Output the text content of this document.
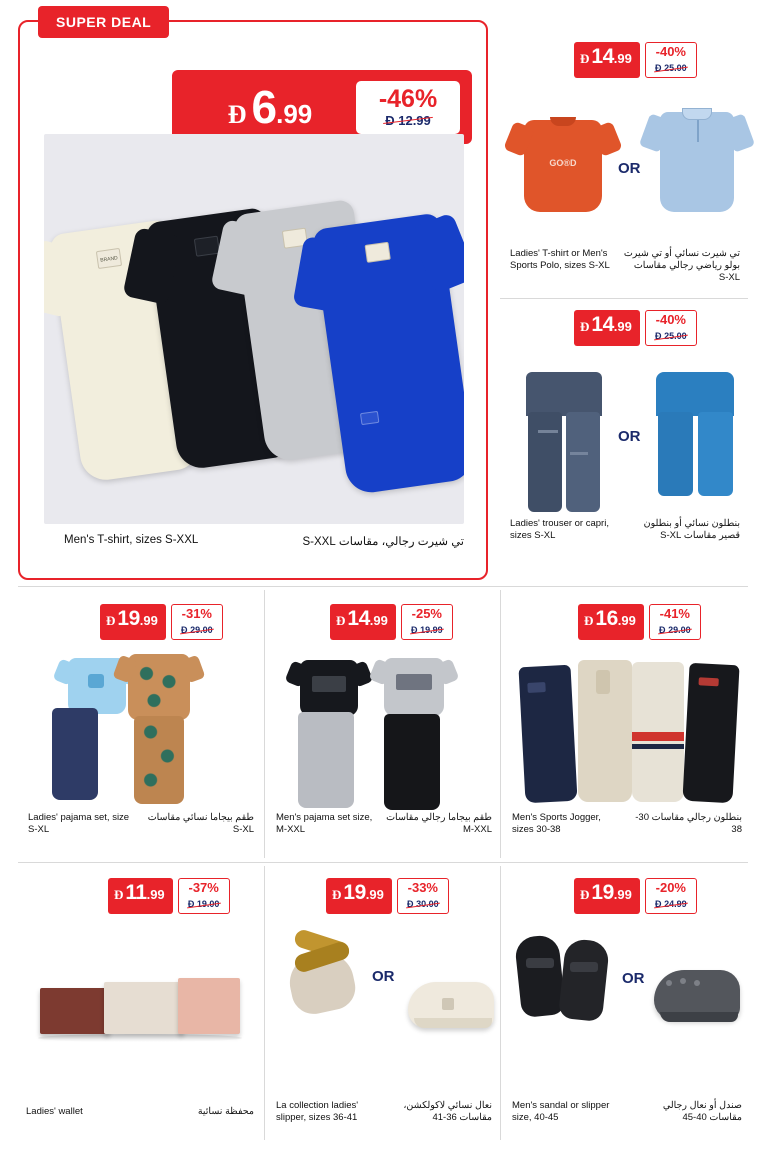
SUPER DEAL
Đ 6 .99
-46%
Đ 12.99
BRAND
Men's T-shirt, sizes S-XXL	تي شيرت رجالي، مقاسات S-XXL
Đ 14 .99	-40%
Đ 25.00
GO®D	OR
Ladies' T-shirt or Men's Sports Polo, sizes S-XL
تي شيرت نسائي أو تي شيرت بولو رياضي رجالي مقاسات S-XL
Đ 14 .99	-40%
Đ 25.00
OR
Ladies' trouser or capri, sizes S-XL
بنطلون نسائي أو بنطلون قصير مقاسات S-XL
Đ 19 .99	-31%
Đ 29.00
Ladies' pajama set, size S-XL
طقم بيجاما نسائي مقاسات S-XL
Đ 14 .99	-25%
Đ 19.99
Men's pajama set size, M-XXL
طقم بيجاما رجالي مقاسات M-XXL
Đ 16 .99	-41%
Đ 29.00
Men's Sports Jogger, sizes 30-38
بنطلون رجالي مقاسات 30-38
Đ 11 .99	-37%
Đ 19.00
Ladies' wallet	محفظة نسائية
Đ 19 .99	-33%
Đ 30.00
OR
La collection ladies' slipper, sizes 36-41
نعال نسائي لاكولكشن، مقاسات 36-41
Đ 19 .99	-20%
Đ 24.99
OR
Men's sandal or slipper size, 40-45
صندل أو نعال رجالي مقاسات 40-45
